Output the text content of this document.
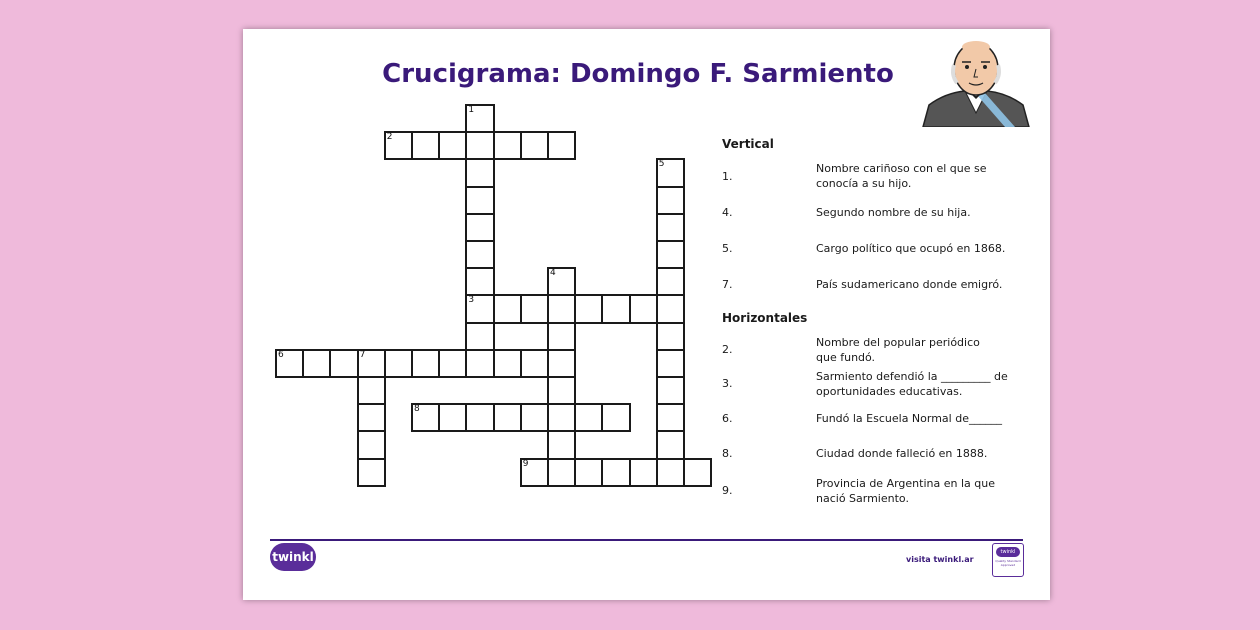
Crucigrama: Domingo F. Sarmiento
1
3
2
4
5
6	7
8
9
Vertical
1.
Nombre cariñoso con el que se conocía a su hijo.
4.	Segundo nombre de su hija.
5.	Cargo político que ocupó en 1868.
7.	País sudamericano donde emigró.
Horizontales
2.
Nombre del popular periódico que fundó.
3.
Sarmiento defendió la _________ de oportunidades educativas.
6.	Fundó la Escuela Normal de______
8.	Ciudad donde falleció en 1888.
9.
Provincia de Argentina en la que nació Sarmiento.
twinkl	visita twinkl.ar
twinkl
Quality Standard Approved
